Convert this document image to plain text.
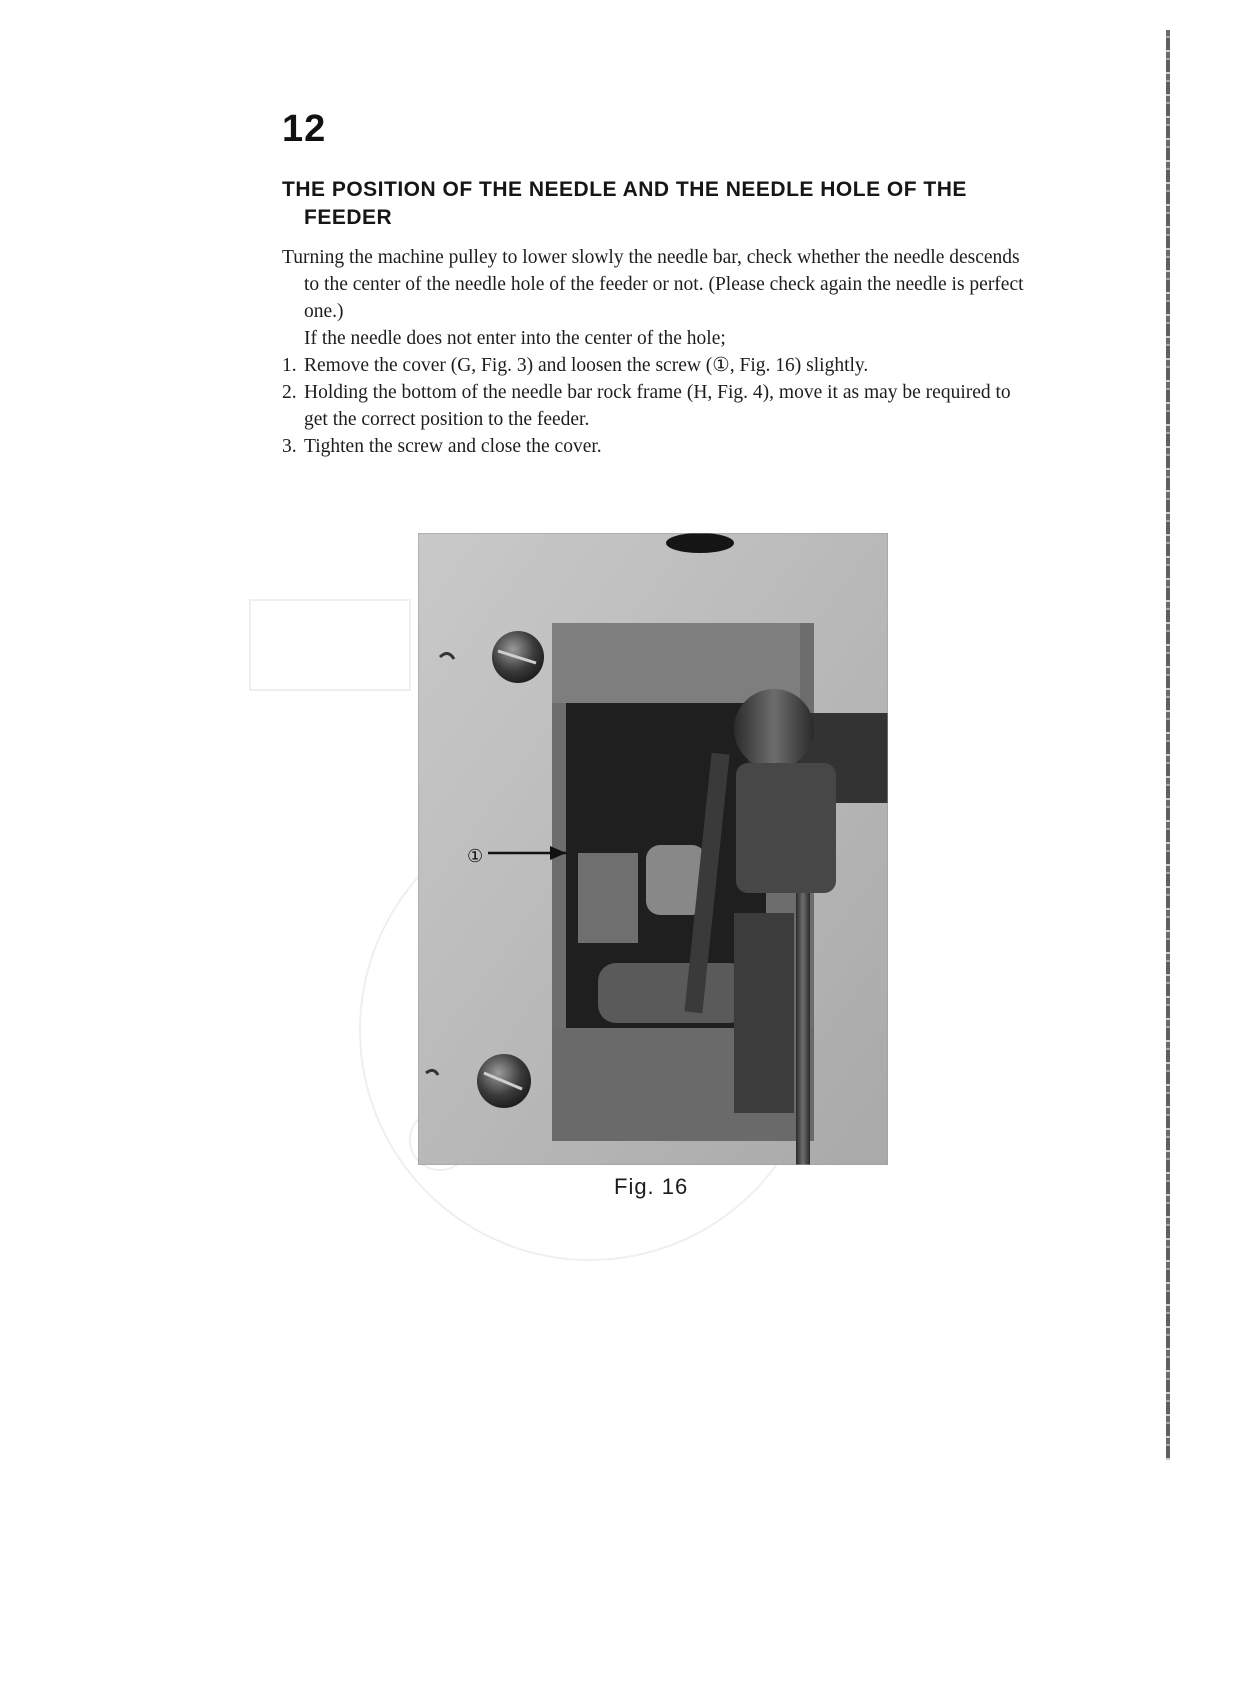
12
THE POSITION OF THE NEEDLE AND THE NEEDLE HOLE OF THE
FEEDER

Turning the machine pulley to lower slowly the needle bar, check whether the needle descends to the center of the needle hole of the feeder or not. (Please check again the needle is perfect one.)

If the needle does not enter into the center of the hole;

1. Remove the cover (G, Fig. 3) and loosen the screw (①, Fig. 16) slightly.
2. Holding the bottom of the needle bar rock frame (H, Fig. 4), move it as may be required to get the correct position to the feeder.
3. Tighten the screw and close the cover.
①
Fig. 16
